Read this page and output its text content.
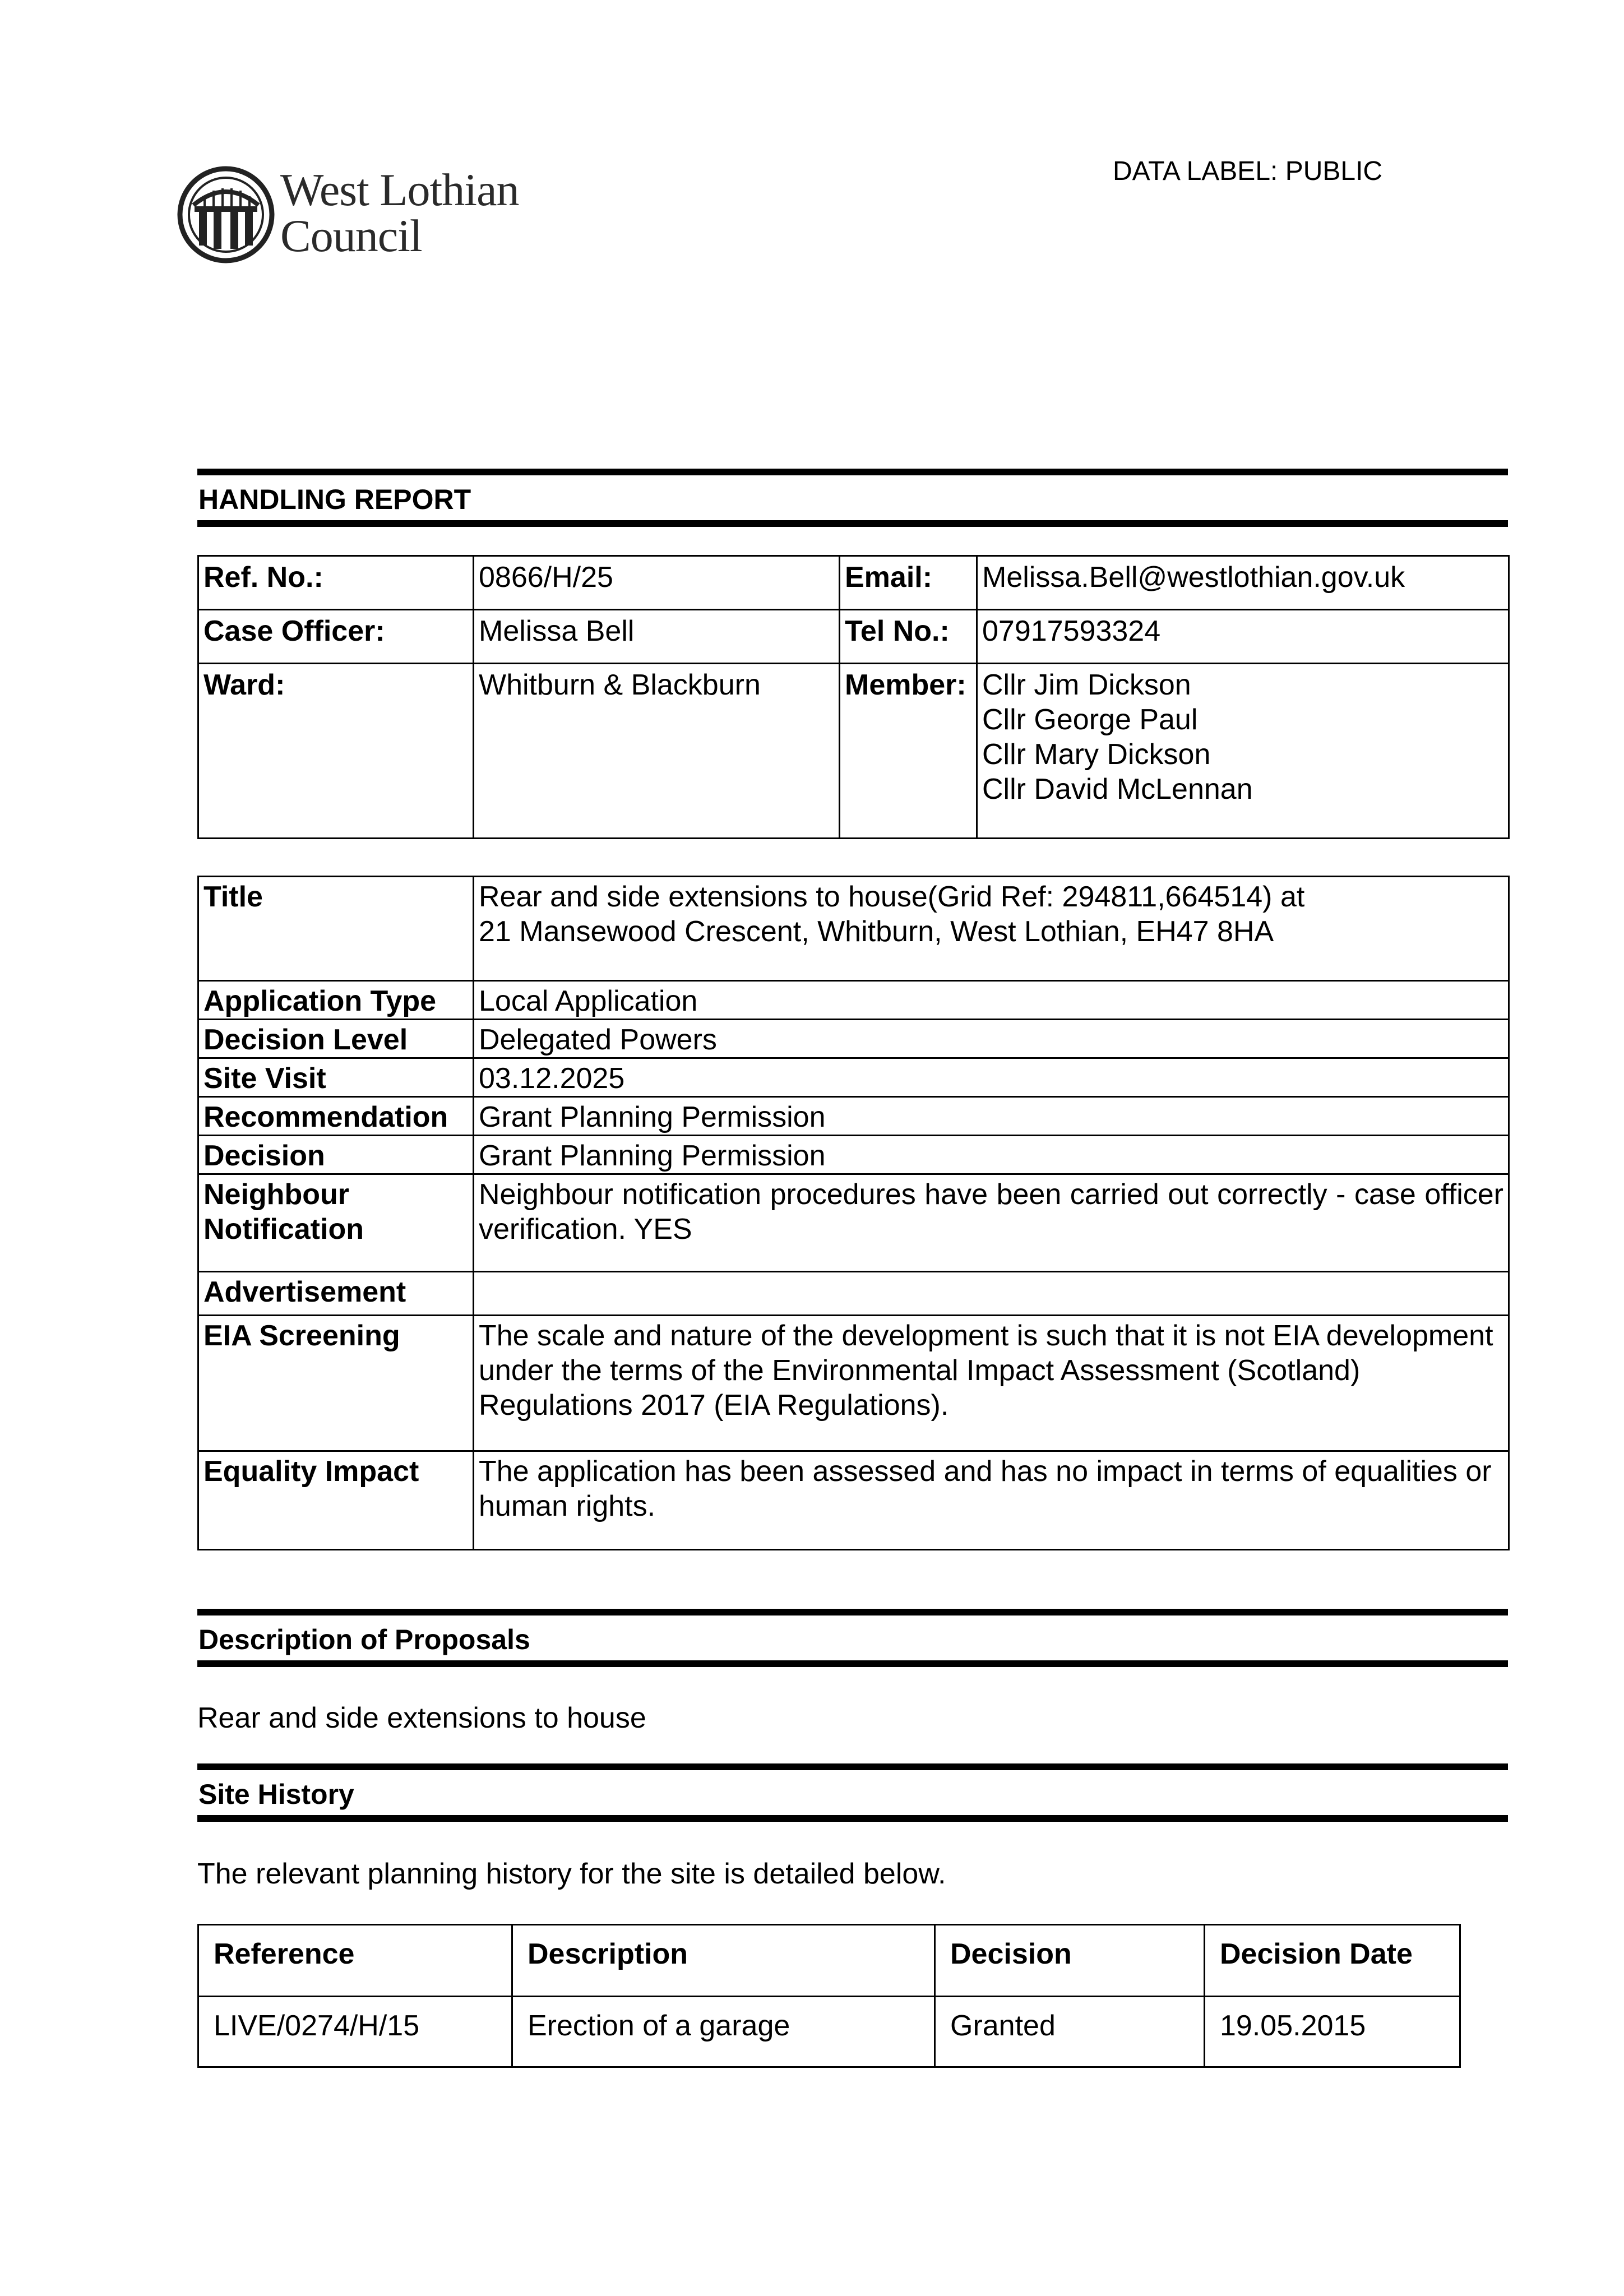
West Lothian
Council
DATA LABEL: PUBLIC
HANDLING REPORT
Ref. No.:	0866/H/25	Email:	Melissa.Bell@westlothian.gov.uk
Case Officer:	Melissa Bell	Tel No.:	07917593324
Ward:	Whitburn & Blackburn	Member:	Cllr Jim Dickson
Cllr George Paul
Cllr Mary Dickson
Cllr David McLennan
Title	Rear and side extensions to house(Grid Ref: 294811,664514) at
21 Mansewood Crescent, Whitburn, West Lothian, EH47 8HA

Application Type	Local Application
Decision Level	Delegated Powers
Site Visit	03.12.2025
Recommendation	Grant Planning Permission
Decision	Grant Planning Permission

Neighbour
Notification	Neighbour notification procedures have been carried out correctly - case officer verification. YES
Advertisement	
EIA Screening	The scale and nature of the development is such that it is not EIA development under the terms of the Environmental Impact Assessment (Scotland) Regulations 2017 (EIA Regulations).
Equality Impact	The application has been assessed and has no impact in terms of equalities or human rights.
Description of Proposals
Rear and side extensions to house
Site History
The relevant planning history for the site is detailed below.
Reference	Description	Decision	Decision Date
LIVE/0274/H/15	Erection of a garage	Granted	19.05.2015
